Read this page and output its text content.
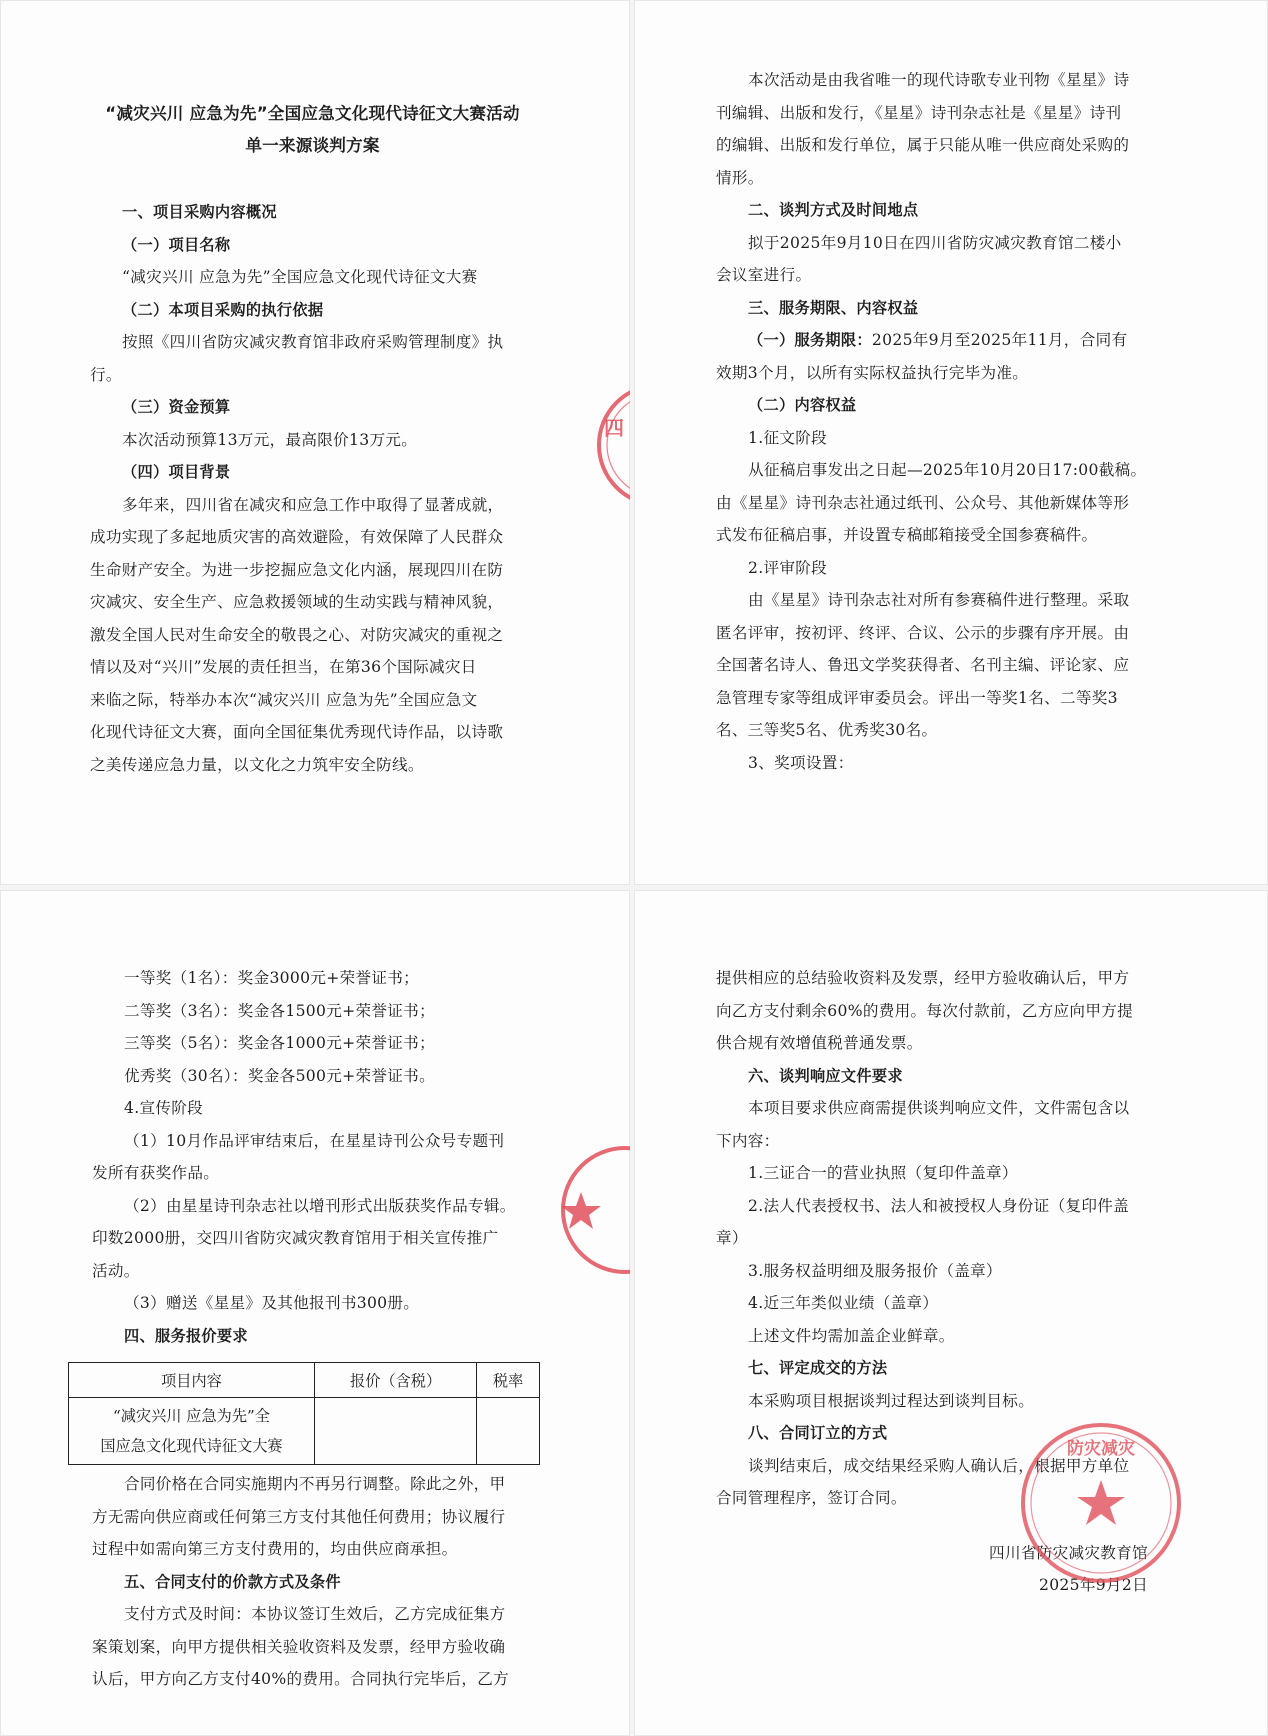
“减灾兴川 应急为先”全国应急文化现代诗征文大赛活动
单一来源谈判方案
一、项目采购内容概况
（一）项目名称
“减灾兴川 应急为先”全国应急文化现代诗征文大赛
（二）本项目采购的执行依据
按照《四川省防灾减灾教育馆非政府采购管理制度》执
行。
（三）资金预算
本次活动预算13万元，最高限价13万元。
（四）项目背景
多年来，四川省在减灾和应急工作中取得了显著成就，
成功实现了多起地质灾害的高效避险，有效保障了人民群众
生命财产安全。为进一步挖掘应急文化内涵，展现四川在防
灾减灾、安全生产、应急救援领域的生动实践与精神风貌，
激发全国人民对生命安全的敬畏之心、对防灾减灾的重视之
情以及对“兴川”发展的责任担当，在第36个国际减灾日
来临之际，特举办本次“减灾兴川 应急为先”全国应急文
化现代诗征文大赛，面向全国征集优秀现代诗作品，以诗歌
之美传递应急力量，以文化之力筑牢安全防线。
四
本次活动是由我省唯一的现代诗歌专业刊物《星星》诗
刊编辑、出版和发行，《星星》诗刊杂志社是《星星》诗刊
的编辑、出版和发行单位，属于只能从唯一供应商处采购的
情形。
二、谈判方式及时间地点
拟于2025年9月10日在四川省防灾减灾教育馆二楼小
会议室进行。
三、服务期限、内容权益
（一）服务期限：2025年9月至2025年11月，合同有
效期3个月，以所有实际权益执行完毕为准。
（二）内容权益
1.征文阶段
从征稿启事发出之日起—2025年10月20日17:00截稿。
由《星星》诗刊杂志社通过纸刊、公众号、其他新媒体等形
式发布征稿启事，并设置专稿邮箱接受全国参赛稿件。
2.评审阶段
由《星星》诗刊杂志社对所有参赛稿件进行整理。采取
匿名评审，按初评、终评、合议、公示的步骤有序开展。由
全国著名诗人、鲁迅文学奖获得者、名刊主编、评论家、应
急管理专家等组成评审委员会。评出一等奖1名、二等奖3
名、三等奖5名、优秀奖30名。
3、奖项设置：
一等奖（1名）：奖金3000元+荣誉证书；
二等奖（3名）：奖金各1500元+荣誉证书；
三等奖（5名）：奖金各1000元+荣誉证书；
优秀奖（30名）：奖金各500元+荣誉证书。
4.宣传阶段
（1）10月作品评审结束后，在星星诗刊公众号专题刊
发所有获奖作品。
（2）由星星诗刊杂志社以增刊形式出版获奖作品专辑。
印数2000册，交四川省防灾减灾教育馆用于相关宣传推广
活动。
（3）赠送《星星》及其他报刊书300册。
四、服务报价要求
项目内容	报价（含税）	税率

“减灾兴川 应急为先”全
国应急文化现代诗征文大赛		

合同价格在合同实施期内不再另行调整。除此之外，甲
方无需向供应商或任何第三方支付其他任何费用；协议履行
过程中如需向第三方支付费用的，均由供应商承担。
五、合同支付的价款方式及条件
支付方式及时间：本协议签订生效后，乙方完成征集方
案策划案，向甲方提供相关验收资料及发票，经甲方验收确
认后，甲方向乙方支付40%的费用。合同执行完毕后，乙方
提供相应的总结验收资料及发票，经甲方验收确认后，甲方
向乙方支付剩余60%的费用。每次付款前，乙方应向甲方提
供合规有效增值税普通发票。
六、谈判响应文件要求
本项目要求供应商需提供谈判响应文件，文件需包含以
下内容：
1.三证合一的营业执照（复印件盖章）
2.法人代表授权书、法人和被授权人身份证（复印件盖
章）
3.服务权益明细及服务报价（盖章）
4.近三年类似业绩（盖章）
上述文件均需加盖企业鲜章。
七、评定成交的方法
本采购项目根据谈判过程达到谈判目标。
八、合同订立的方式
谈判结束后，成交结果经采购人确认后，根据甲方单位
合同管理程序，签订合同。
四川省防灾减灾教育馆
2025年9月2日
防灾减灾
